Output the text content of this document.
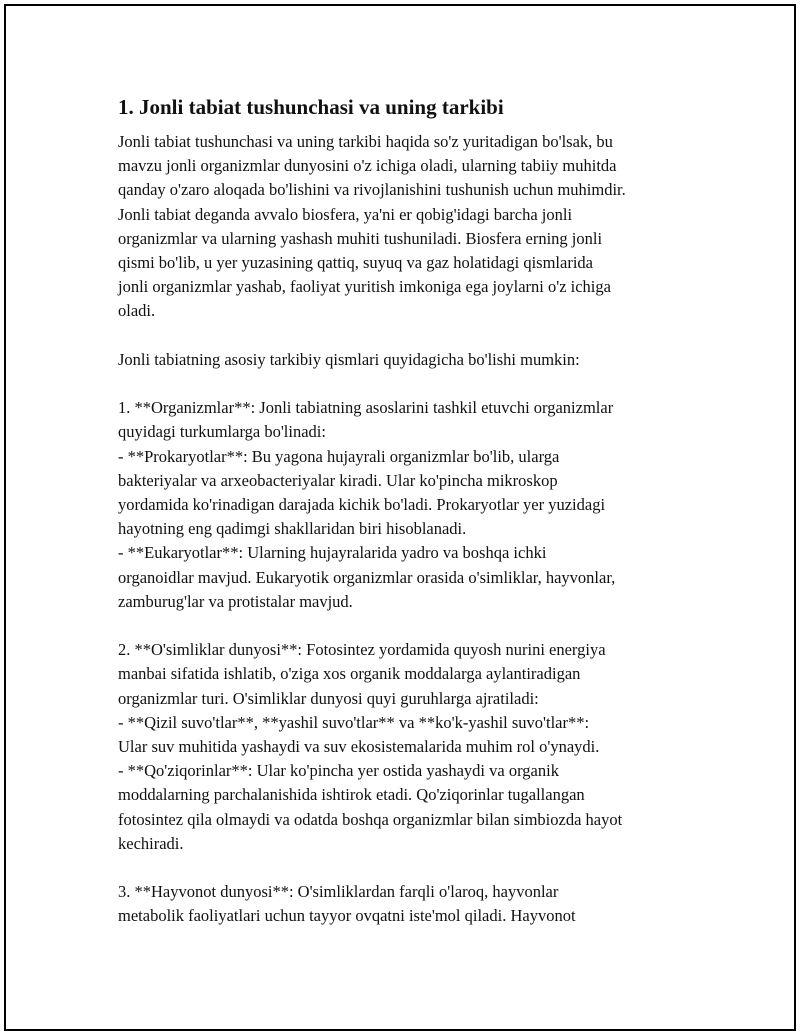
1. Jonli tabiat tushunchasi va uning tarkibi

Jonli tabiat tushunchasi va uning tarkibi haqida so'z yuritadigan bo'lsak, bu
mavzu jonli organizmlar dunyosini o'z ichiga oladi, ularning tabiiy muhitda
qanday o'zaro aloqada bo'lishini va rivojlanishini tushunish uchun muhimdir.
Jonli tabiat deganda avvalo biosfera, ya'ni er qobig'idagi barcha jonli
organizmlar va ularning yashash muhiti tushuniladi. Biosfera erning jonli
qismi bo'lib, u yer yuzasining qattiq, suyuq va gaz holatidagi qismlarida
jonli organizmlar yashab, faoliyat yuritish imkoniga ega joylarni o'z ichiga
oladi.

Jonli tabiatning asosiy tarkibiy qismlari quyidagicha bo'lishi mumkin:

1. **Organizmlar**: Jonli tabiatning asoslarini tashkil etuvchi organizmlar
quyidagi turkumlarga bo'linadi:
- **Prokaryotlar**: Bu yagona hujayrali organizmlar bo'lib, ularga
bakteriyalar va arxeobacteriyalar kiradi. Ular ko'pincha mikroskop
yordamida ko'rinadigan darajada kichik bo'ladi. Prokaryotlar yer yuzidagi
hayotning eng qadimgi shakllaridan biri hisoblanadi.
- **Eukaryotlar**: Ularning hujayralarida yadro va boshqa ichki
organoidlar mavjud. Eukaryotik organizmlar orasida o'simliklar, hayvonlar,
zamburug'lar va protistalar mavjud.

2. **O'simliklar dunyosi**: Fotosintez yordamida quyosh nurini energiya
manbai sifatida ishlatib, o'ziga xos organik moddalarga aylantiradigan
organizmlar turi. O'simliklar dunyosi quyi guruhlarga ajratiladi:
- **Qizil suvo'tlar**, **yashil suvo'tlar** va **ko'k-yashil suvo'tlar**:
Ular suv muhitida yashaydi va suv ekosistemalarida muhim rol o'ynaydi.
- **Qo'ziqorinlar**: Ular ko'pincha yer ostida yashaydi va organik
moddalarning parchalanishida ishtirok etadi. Qo'ziqorinlar tugallangan
fotosintez qila olmaydi va odatda boshqa organizmlar bilan simbiozda hayot
kechiradi.

3. **Hayvonot dunyosi**: O'simliklardan farqli o'laroq, hayvonlar
metabolik faoliyatlari uchun tayyor ovqatni iste'mol qiladi. Hayvonot
